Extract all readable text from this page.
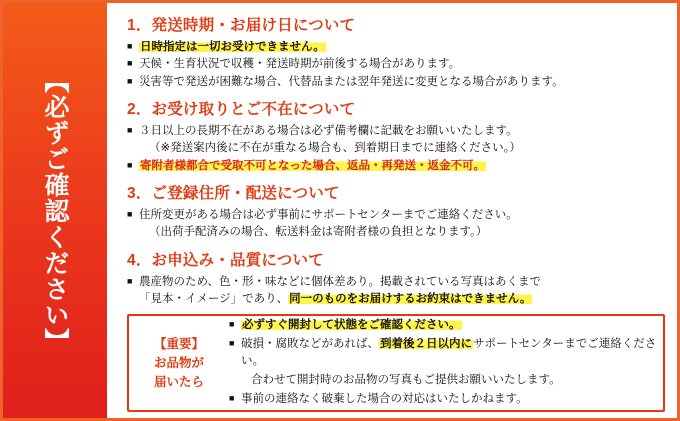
【必ずご確認ください】
1．発送時期・お届け日について
■ 日時指定は一切お受けできません。
■ 天候・生育状況で収穫・発送時期が前後する場合があります。
■ 災害等で発送が困難な場合、代替品または翌年発送に変更となる場合があります。
2．お受け取りとご不在について
■ ３日以上の長期不在がある場合は必ず備考欄に記載をお願いいたします。
（※発送案内後に不在が重なる場合も、到着期日までに連絡ください。）
■ 寄附者様都合で受取不可となった場合、返品・再発送・返金不可。
3．ご登録住所・配送について
■ 住所変更がある場合は必ず事前にサポートセンターまでご連絡ください。
（出荷手配済みの場合、転送料金は寄附者様の負担となります。）
4．お申込み・品質について
■ 農産物のため、色・形・味などに個体差あり。掲載されている写真はあくまで
「見本・イメージ」であり、同一のものをお届けするお約束はできません。
【重要】
お品物が
届いたら
■ 必ずすぐ開封して状態をご確認ください。
■ 破損・腐敗などがあれば、到着後２日以内にサポートセンターまでご連絡ください。
合わせて開封時のお品物の写真もご提供お願いいたします。
■ 事前の連絡なく破棄した場合の対応はいたしかねます。
